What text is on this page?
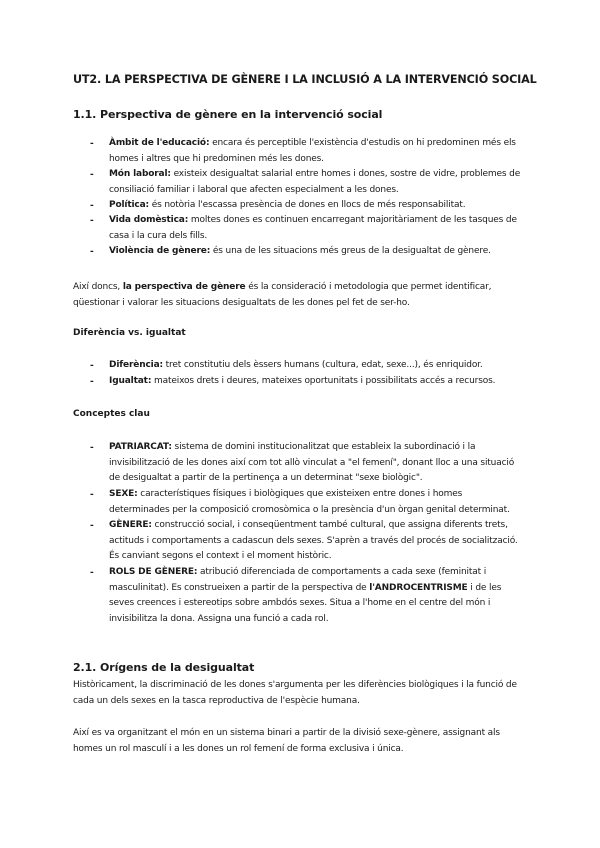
UT2. LA PERSPECTIVA DE GÈNERE I LA INCLUSIÓ A LA INTERVENCIÓ SOCIAL
1.1. Perspectiva de gènere en la intervenció social
- Àmbit de l'educació: encara és perceptible l'existència d'estudis on hi predominen més els
homes i altres que hi predominen més les dones.
- Món laboral: existeix desigualtat salarial entre homes i dones, sostre de vidre, problemes de
consiliació familiar i laboral que afecten especialment a les dones.
- Política: és notòria l'escassa presència de dones en llocs de més responsabilitat.
- Vida domèstica: moltes dones es continuen encarregant majoritàriament de les tasques de
casa i la cura dels fills.
- Violència de gènere: és una de les situacions més greus de la desigualtat de gènere.
Així doncs, la perspectiva de gènere és la consideració i metodologia que permet identificar,
qüestionar i valorar les situacions desigualtats de les dones pel fet de ser-ho.
Diferència vs. igualtat
- Diferència: tret constitutiu dels èssers humans (cultura, edat, sexe...), és enriquidor.
- Igualtat: mateixos drets i deures, mateixes oportunitats i possibilitats accés a recursos.
Conceptes clau
- PATRIARCAT: sistema de domini institucionalitzat que estableix la subordinació i la
invisibilització de les dones així com tot allò vinculat a "el femení", donant lloc a una situació
de desigualtat a partir de la pertinença a un determinat "sexe biològic".
- SEXE: característiques físiques i biològiques que existeixen entre dones i homes
determinades per la composició cromosòmica o la presència d'un òrgan genital determinat.
- GÈNERE: construcció social, i conseqüentment també cultural, que assigna diferents trets,
actituds i comportaments a cadascun dels sexes. S'aprèn a través del procés de socialització.
És canviant segons el context i el moment històric.
- ROLS DE GÈNERE: atribució diferenciada de comportaments a cada sexe (feminitat i
masculinitat). Es construeixen a partir de la perspectiva de l'ANDROCENTRISME i de les
seves creences i estereotips sobre ambdós sexes. Situa a l'home en el centre del món i
invisibilitza la dona. Assigna una funció a cada rol.
2.1. Orígens de la desigualtat
Històricament, la discriminació de les dones s'argumenta per les diferències biològiques i la funció de
cada un dels sexes en la tasca reproductiva de l'espècie humana.
Així es va organitzant el món en un sistema binari a partir de la divisió sexe-gènere, assignant als
homes un rol masculí i a les dones un rol femení de forma exclusiva i única.
